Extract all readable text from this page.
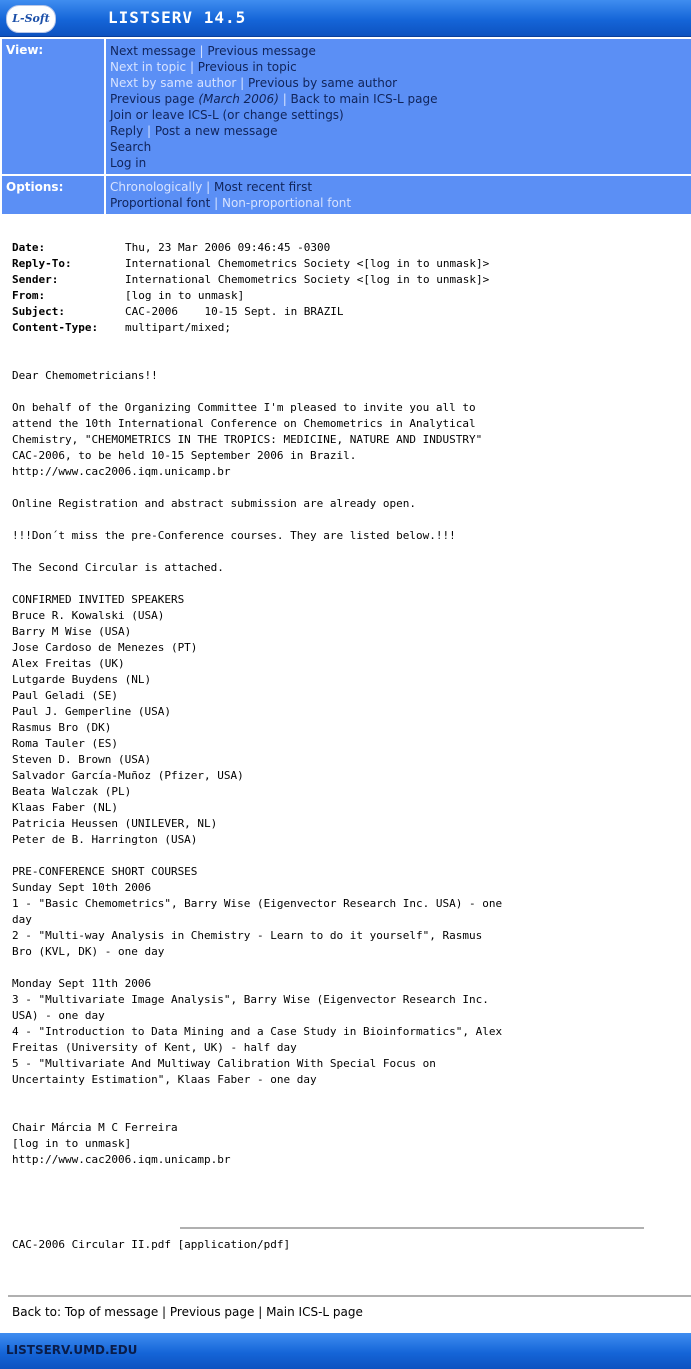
L-Soft	LISTSERV 14.5
View:	Next message | Previous message
Next in topic | Previous in topic
Next by same author | Previous by same author
Previous page (March 2006) | Back to main ICS-L page
Join or leave ICS-L (or change settings)
Reply | Post a new message
Search
Log in
Options:	Chronologically | Most recent first
Proportional font | Non-proportional font
Date:	Thu, 23 Mar 2006 09:46:45 -0300
Reply-To:	International Chemometrics Society <[log in to unmask]>
Sender:	International Chemometrics Society <[log in to unmask]>
From:	[log in to unmask]
Subject:	CAC-2006    10-15 Sept. in BRAZIL
Content-Type: multipart/mixed;
Dear Chemometricians!!

On behalf of the Organizing Committee I'm pleased to invite you all to
attend the 10th International Conference on Chemometrics in Analytical
Chemistry, "CHEMOMETRICS IN THE TROPICS: MEDICINE, NATURE AND INDUSTRY"
CAC-2006, to be held 10-15 September 2006 in Brazil.
http://www.cac2006.iqm.unicamp.br

Online Registration and abstract submission are already open.

!!!Don´t miss the pre-Conference courses. They are listed below.!!!

The Second Circular is attached.

CONFIRMED INVITED SPEAKERS
Bruce R. Kowalski (USA)
Barry M Wise (USA)
Jose Cardoso de Menezes (PT)
Alex Freitas (UK)
Lutgarde Buydens (NL)
Paul Geladi (SE)
Paul J. Gemperline (USA)
Rasmus Bro (DK)
Roma Tauler (ES)
Steven D. Brown (USA)
Salvador García-Muñoz (Pfizer, USA)
Beata Walczak (PL)
Klaas Faber (NL)
Patricia Heussen (UNILEVER, NL)
Peter de B. Harrington (USA)

PRE-CONFERENCE SHORT COURSES
Sunday Sept 10th 2006
1 - "Basic Chemometrics", Barry Wise (Eigenvector Research Inc. USA) - one
day
2 - "Multi-way Analysis in Chemistry - Learn to do it yourself", Rasmus
Bro (KVL, DK) - one day

Monday Sept 11th 2006
3 - "Multivariate Image Analysis", Barry Wise (Eigenvector Research Inc.
USA) - one day
4 - "Introduction to Data Mining and a Case Study in Bioinformatics", Alex
Freitas (University of Kent, UK) - half day
5 - "Multivariate And Multiway Calibration With Special Focus on
Uncertainty Estimation", Klaas Faber - one day

Chair Márcia M C Ferreira
[log in to unmask]
http://www.cac2006.iqm.unicamp.br
CAC-2006 Circular II.pdf [application/pdf]
Back to: Top of message | Previous page | Main ICS-L page
LISTSERV.UMD.EDU
